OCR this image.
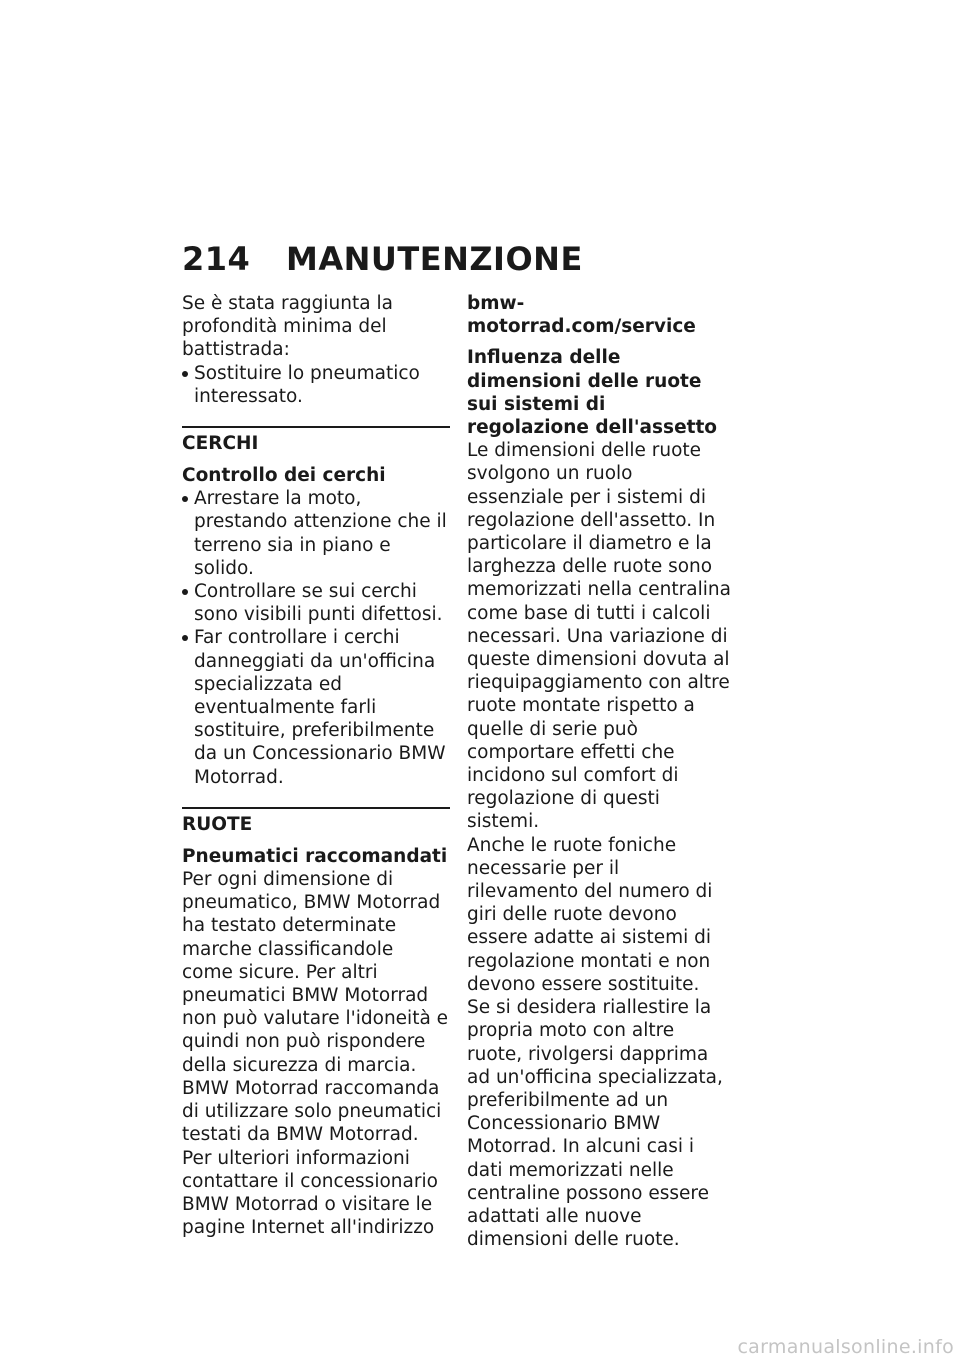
214	MANUTENZIONE

Se è stata raggiunta la profondità minima del battistrada:

Sostituire lo pneumatico interessato.
CERCHI
Controllo dei cerchi
Arrestare la moto, prestando attenzione che il terreno sia in piano e solido.
Controllare se sui cerchi sono visibili punti difettosi.
Far controllare i cerchi danneggiati da un'officina specializzata ed eventualmente farli sostituire, preferibilmente da un Concessionario BMW Motorrad.
RUOTE
Pneumatici raccomandati

Per ogni dimensione di pneumatico, BMW Motorrad ha testato determinate marche classificandole come sicure. Per altri pneumatici BMW Motorrad non può valutare l'idoneità e quindi non può rispondere della sicurezza di marcia.

BMW Motorrad raccomanda di utilizzare solo pneumatici testati da BMW Motorrad.

Per ulteriori informazioni contattare il concessionario BMW Motorrad o visitare le pagine Internet all'indirizzo

bmw-motorrad.com/service
Influenza delle dimensioni delle ruote sui sistemi di regolazione dell'assetto

Le dimensioni delle ruote svolgono un ruolo essenziale per i sistemi di regolazione dell'assetto. In particolare il diametro e la larghezza delle ruote sono memorizzati nella centralina come base di tutti i calcoli necessari. Una variazione di queste dimensioni dovuta al riequipaggiamento con altre ruote montate rispetto a quelle di serie può comportare effetti che incidono sul comfort di regolazione di questi sistemi.

Anche le ruote foniche necessarie per il rilevamento del numero di giri delle ruote devono essere adatte ai sistemi di regolazione montati e non devono essere sostituite.

Se si desidera riallestire la propria moto con altre ruote, rivolgersi dapprima ad un'officina specializzata, preferibilmente ad un Concessionario BMW Motorrad. In alcuni casi i dati memorizzati nelle centraline possono essere adattati alle nuove dimensioni delle ruote.

carmanualsonline.info
